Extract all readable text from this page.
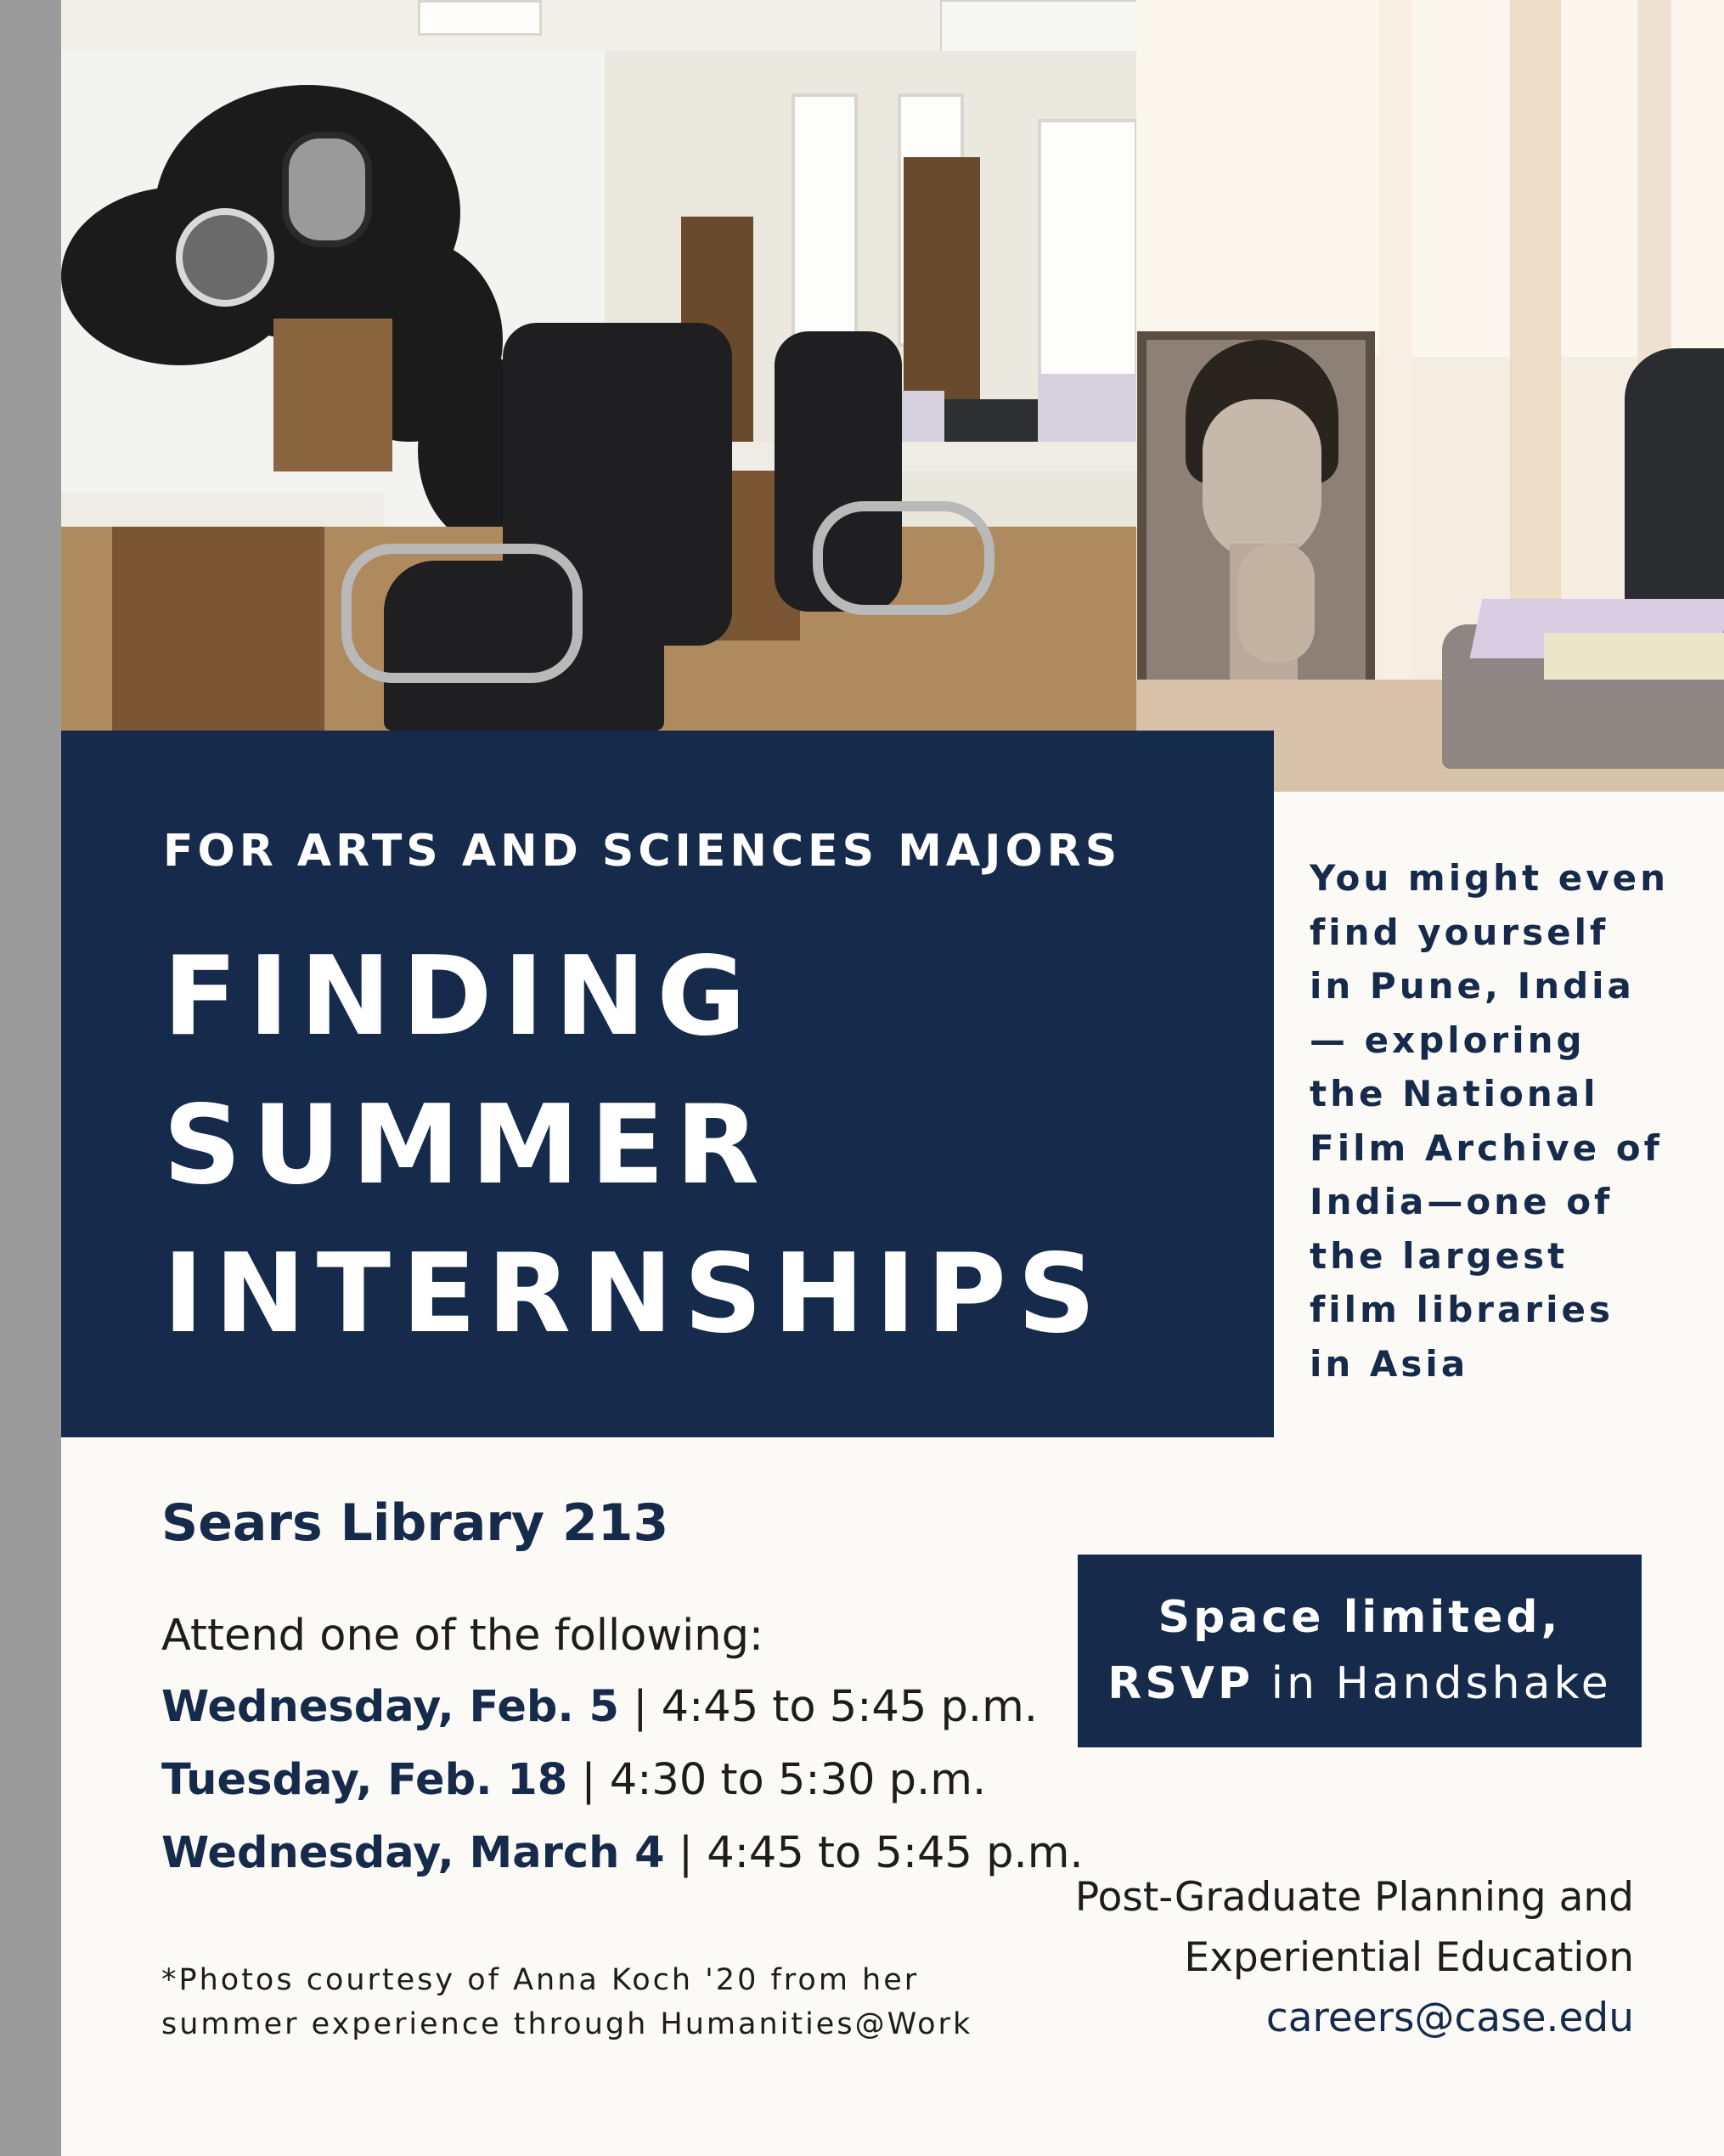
FOR ARTS AND SCIENCES MAJORS
FINDING
SUMMER
INTERNSHIPS
You might even
find yourself
in Pune, India
— exploring
the National
Film Archive of
India—one of
the largest
film libraries
in Asia
Sears Library 213
Attend one of the following:
Wednesday, Feb. 5 | 4:45 to 5:45 p.m.
Tuesday, Feb. 18 | 4:30 to 5:30 p.m.
Wednesday, March 4 | 4:45 to 5:45 p.m.
*Photos courtesy of Anna Koch '20 from her
summer experience through Humanities@Work
Space limited,
RSVP in Handshake
Post-Graduate Planning and
Experiential Education
careers@case.edu
